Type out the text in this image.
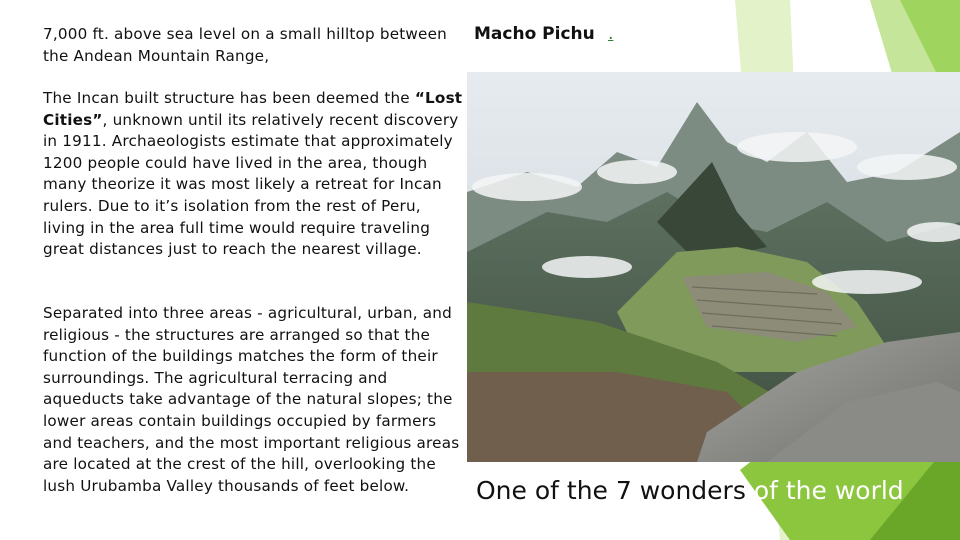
7,000 ft. above sea level on a small hilltop between the Andean Mountain Range,

The Incan built structure has been deemed the “Lost Cities”, unknown until its relatively recent discovery in 1911. Archaeologists estimate that approximately 1200 people could have lived in the area, though many theorize it was most likely a retreat for Incan rulers. Due to it’s isolation from the rest of Peru, living in the area full time would require traveling great distances just to reach the nearest village.

Separated into three areas - agricultural, urban, and religious - the structures are arranged so that the function of the buildings matches the form of their surroundings. The agricultural terracing and aqueducts take advantage of the natural slopes; the lower areas contain buildings occupied by farmers and teachers, and the most important religious areas are located at the crest of the hill, overlooking the lush Urubamba Valley thousands of feet below.

Macho Pichu .

One of the 7 wonders of the world
